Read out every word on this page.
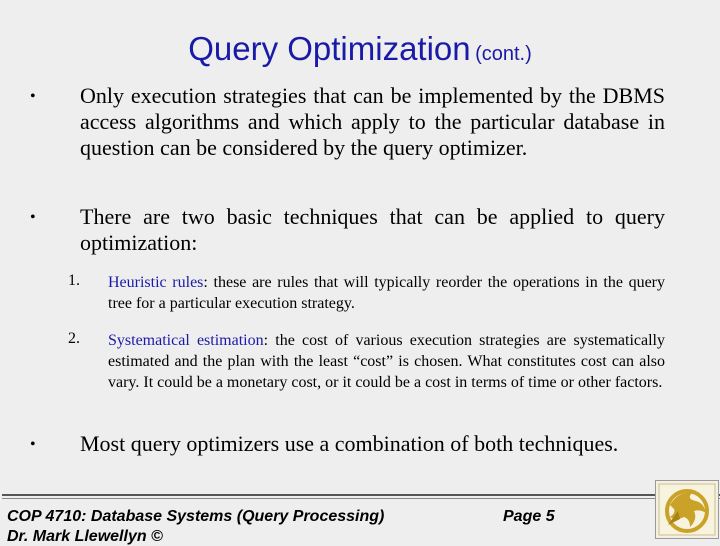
Query Optimization (cont.)
• Only execution strategies that can be implemented by the DBMS access algorithms and which apply to the particular database in question can be considered by the query optimizer.
• There are two basic techniques that can be applied to query optimization:
1. Heuristic rules: these are rules that will typically reorder the operations in the query tree for a particular execution strategy.
2. Systematical estimation: the cost of various execution strategies are systematically estimated and the plan with the least “cost” is chosen. What constitutes cost can also vary. It could be a monetary cost, or it could be a cost in terms of time or other factors.
• Most query optimizers use a combination of both techniques.
COP 4710: Database Systems (Query Processing)	Page 5
Dr. Mark Llewellyn ©
